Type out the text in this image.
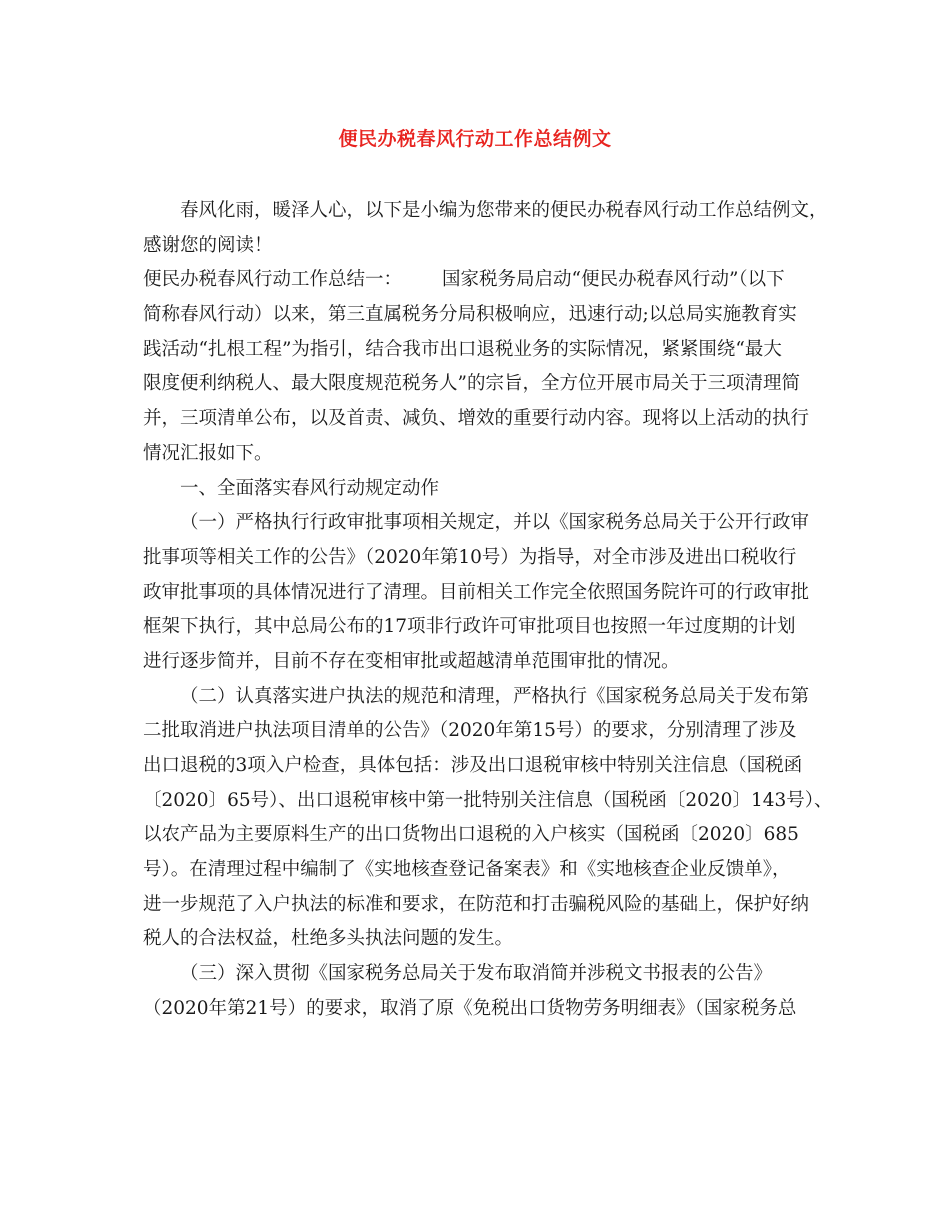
便民办税春风行动工作总结例文
春风化雨，暖泽人心，以下是小编为您带来的便民办税春风行动工作总结例文，
感谢您的阅读！
便民办税春风行动工作总结一： 国家税务局启动“便民办税春风行动”（以下
简称春风行动）以来，第三直属税务分局积极响应，迅速行动;以总局实施教育实
践活动“扎根工程”为指引，结合我市出口退税业务的实际情况，紧紧围绕“最大
限度便利纳税人、最大限度规范税务人”的宗旨，全方位开展市局关于三项清理简
并，三项清单公布，以及首责、减负、增效的重要行动内容。现将以上活动的执行
情况汇报如下。
一、全面落实春风行动规定动作
（一）严格执行行政审批事项相关规定，并以《国家税务总局关于公开行政审
批事项等相关工作的公告》（2020年第10号）为指导，对全市涉及进出口税收行
政审批事项的具体情况进行了清理。目前相关工作完全依照国务院许可的行政审批
框架下执行，其中总局公布的17项非行政许可审批项目也按照一年过度期的计划
进行逐步简并，目前不存在变相审批或超越清单范围审批的情况。
（二）认真落实进户执法的规范和清理，严格执行《国家税务总局关于发布第
二批取消进户执法项目清单的公告》（2020年第15号）的要求，分别清理了涉及
出口退税的3项入户检查，具体包括：涉及出口退税审核中特别关注信息（国税函
〔2020〕65号）、出口退税审核中第一批特别关注信息（国税函〔2020〕143号）、
以农产品为主要原料生产的出口货物出口退税的入户核实（国税函〔2020〕685
号）。在清理过程中编制了《实地核查登记备案表》和《实地核查企业反馈单》，
进一步规范了入户执法的标准和要求，在防范和打击骗税风险的基础上，保护好纳
税人的合法权益，杜绝多头执法问题的发生。
（三）深入贯彻《国家税务总局关于发布取消简并涉税文书报表的公告》
（2020年第21号）的要求，取消了原《免税出口货物劳务明细表》（国家税务总
